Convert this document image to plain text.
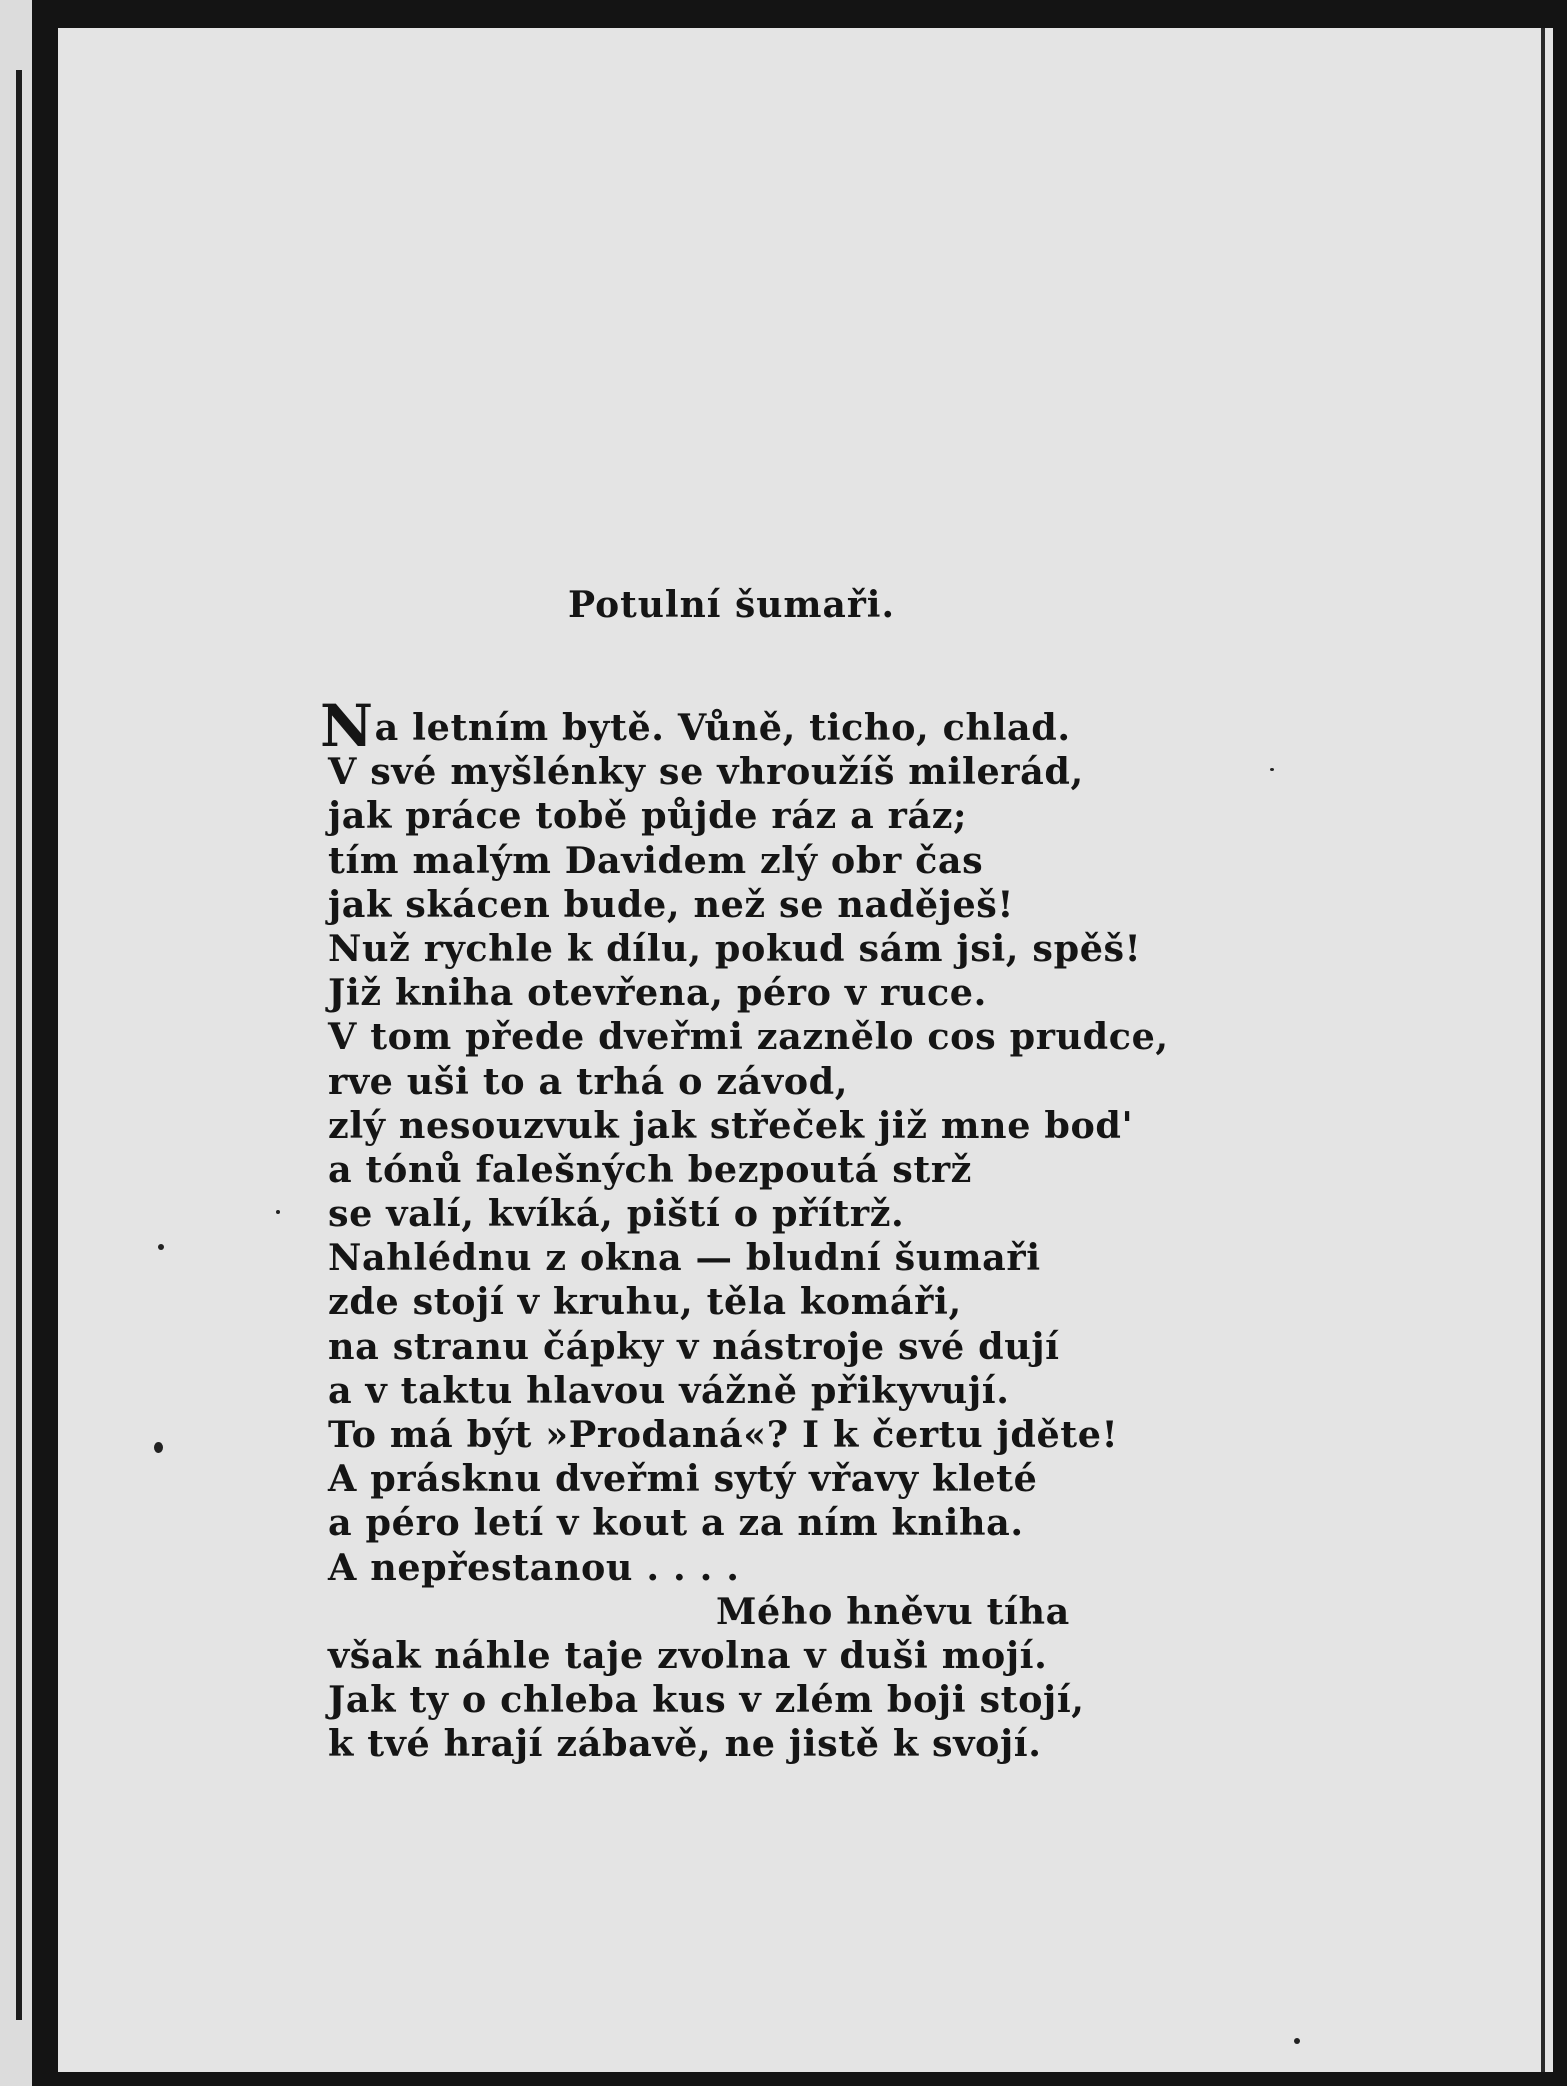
Potulní šumaři.
Na letním bytě. Vůně, ticho, chlad.
V své myšlénky se vhroužíš milerád,
jak práce tobě půjde ráz a ráz;
tím malým Davidem zlý obr čas
jak skácen bude, než se naděješ!
Nuž rychle k dílu, pokud sám jsi, spěš!
Již kniha otevřena, péro v ruce.
V tom přede dveřmi zaznělo cos prudce,
rve uši to a trhá o závod,
zlý nesouzvuk jak střeček již mne bod'
a tónů falešných bezpoutá strž
se valí, kvíká, piští o přítrž.
Nahlédnu z okna — bludní šumaři
zde stojí v kruhu, těla komáři,
na stranu čápky v nástroje své dují
a v taktu hlavou vážně přikyvují.
To má být »Prodaná«? I k čertu jděte!
A prásknu dveřmi sytý vřavy kleté
a péro letí v kout a za ním kniha.
A nepřestanou . . . .
Mého hněvu tíha
však náhle taje zvolna v duši mojí.
Jak ty o chleba kus v zlém boji stojí,
k tvé hrají zábavě, ne jistě k svojí.
